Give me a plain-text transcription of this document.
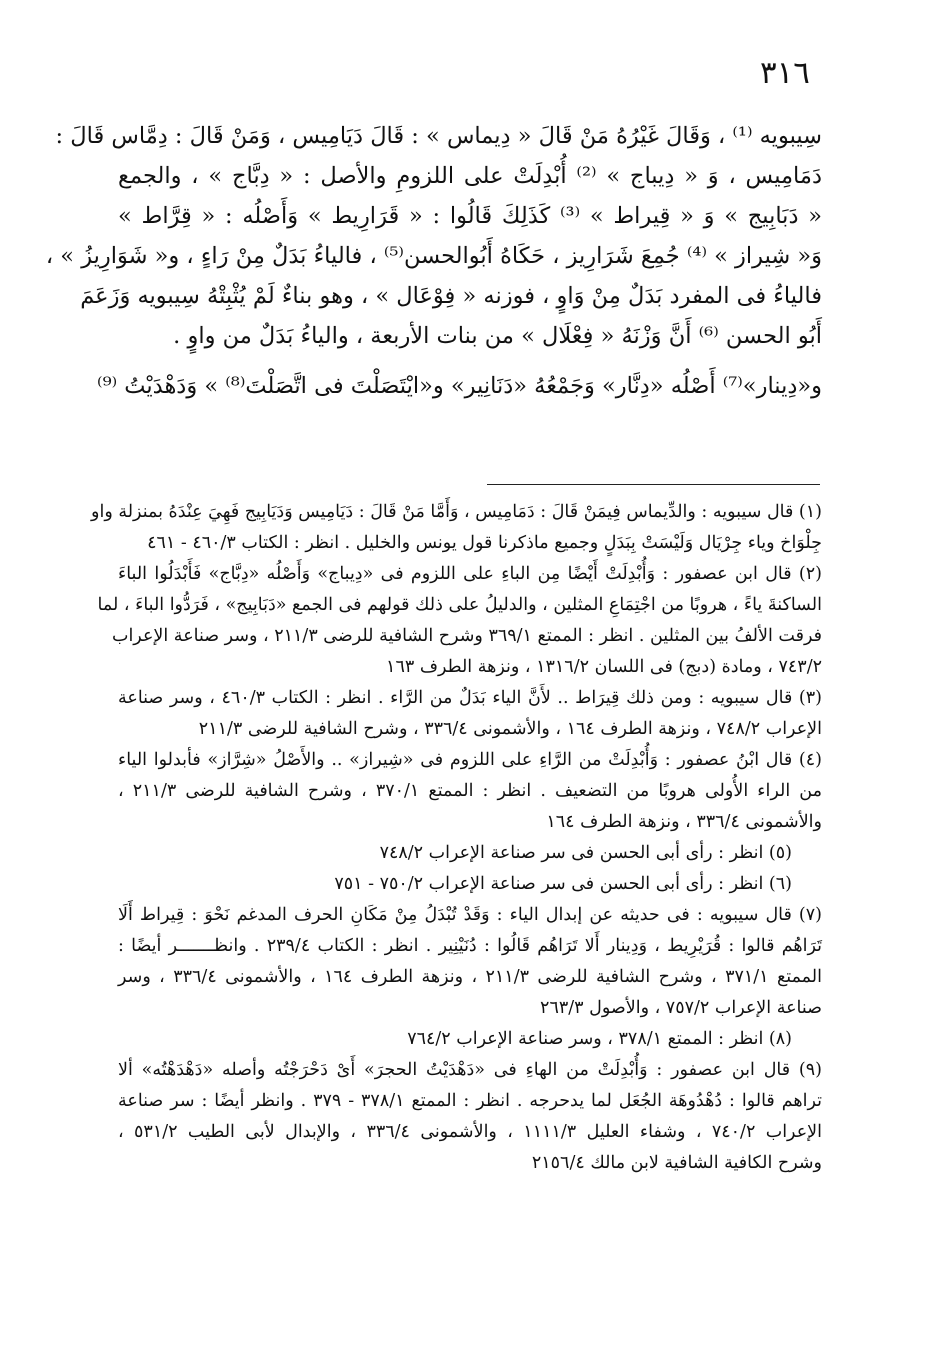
٣١٦
سِيبويه ⁽¹⁾ ، وَقَالَ غَيْرُهُ مَنْ قَالَ « دِيماس » : قَالَ دَيَامِيس ، وَمَنْ قَالَ : دِمَّاس قَالَ :
دَمَامِيس ، وَ « دِيباج » ⁽²⁾ أُبْدِلَتْ على اللزومِ والأصل : « دِبَّاج » ، والجمع
« دَبَابِيج » وَ « قِيراط » ⁽³⁾ كَذَلِكَ قَالُوا : « قَرَارِيط » وَأَصْلُه : « قِرَّاط »
وَ« شِيراز » ⁽⁴⁾ جُمِعَ شَرَارِيز ، حَكَاهُ أَبُوالحسن⁽⁵⁾ ، فالياءُ بَدَلٌ مِنْ رَاءٍ ، و« شَوَارِيزُ » ،
فالياءُ فى المفرد بَدَلٌ مِنْ وَاوٍ ، فوزنه « فِوْعَال » ، وهو بناءٌ لَمْ يُثْبِتْهُ سِيبويه وَزَعَمَ
أَبُو الحسن ⁽⁶⁾ أَنَّ وَزْنَهُ « فِعْلَال » من بنات الأربعة ، والياءُ بَدَلٌ من واوٍ .
و«دِينار»⁽⁷⁾ أَصْلُه «دِنَّار» وَجَمْعُهُ «دَنَانِير» و«ايْتَصَلْتَ فى اتَّصَلْتَ⁽⁸⁾ » وَدَهْدَيْتُ ⁽⁹⁾
(١) قال سيبويه : والدِّيماس فِيمَنْ قَالَ : دَمَامِيس ، وَأَمَّا مَنْ قَالَ : دَيَامِيس وَدَيَابِيج فَهِيَ عِنْدَهُ بمنزلة واو
جِلْوَاخ وياء جِرْيَال وَلَيْسَتْ بِبَدَلٍ وجميع ماذكرنا قول يونس والخليل . انظر : الكتاب ٤٦٠/٣ - ٤٦١
(٢) قال ابن عصفور : وَأُبْدِلَتْ أَيْضًا مِن الباءِ على اللزوم فى «دِيباج» وَأَصْلُه «دِبَّاج» فَأَبْدَلُوا الباءَ
الساكنةَ ياءً ، هروبًا من اجْتِمَاعِ المثلين ، والدليلُ على ذلك قولهم فى الجمع «دَبَابِيج» ، فَرَدُّوا الباءَ ، لما
فرقت الألفُ بين المثلين . انظر : الممتع ٣٦٩/١ وشرح الشافية للرضى ٢١١/٣ ، وسر صناعة الإعراب
٧٤٣/٢ ، ومادة (دبج) فى اللسان ١٣١٦/٢ ، ونزهة الطرف ١٦٣
(٣) قال سيبويه : ومن ذلك قِيرَاط .. لأَنَّ الياء بَدَلٌ من الرَّاء . انظر : الكتاب ٤٦٠/٣ ، وسر صناعة
الإعراب ٧٤٨/٢ ، ونزهة الطرف ١٦٤ ، والأشمونى ٣٣٦/٤ ، وشرح الشافية للرضى ٢١١/٣
(٤) قال ابْنُ عصفور : وَأُبْدِلَتْ من الرَّاءِ على اللزوم فى «شِيراز» .. والأَصْلُ «شِرَّاز» فأبدلوا الياء
من الراء الأُولى هروبًا من التضعيف . انظر : الممتع ٣٧٠/١ ، وشرح الشافية للرضى ٢١١/٣ ،
والأشمونى ٣٣٦/٤ ، ونزهة الطرف ١٦٤
(٥) انظر : رأى أبى الحسن فى سر صناعة الإعراب ٧٤٨/٢
(٦) انظر : رأى أبى الحسن فى سر صناعة الإعراب ٧٥٠/٢ - ٧٥١
(٧) قال سيبويه : فى حديثه عن إبدال الياء : وَقَدْ تُبْدَلُ مِنْ مَكَانِ الحرف المدغم نَحْوَ : قِيراط أَلَا
تَرَاهُم قالوا : قُرَيْرِيط ، وَدِينار أَلا تَرَاهُم قَالُوا : دُنَيْنِير . انظر : الكتاب ٢٣٩/٤ . وانظـــــــر أيضًا :
الممتع ٣٧١/١ ، وشرح الشافية للرضى ٢١١/٣ ، ونزهة الطرف ١٦٤ ، والأشمونى ٣٣٦/٤ ، وسر
صناعة الإعراب ٧٥٧/٢ ، والأصول ٢٦٣/٣
(٨) انظر : الممتع ٣٧٨/١ ، وسر صناعة الإعراب ٧٦٤/٢
(٩) قال ابن عصفور : وَأُبْدِلَتْ من الهاءِ فى «دَهْدَيْتُ الحجرَ» أَىْ دَحْرَجْتُه وأصله «دَهْدَهْتُه» ألا
تراهم قالوا : دُهْدُوهَة الجُعَل لما يدحرجه . انظر : الممتع ٣٧٨/١ - ٣٧٩ . وانظر أيضًا : سر صناعة
الإعراب ٧٤٠/٢ ، وشفاء العليل ١١١١/٣ ، والأشمونى ٣٣٦/٤ ، والإبدال لأبى الطيب ٥٣١/٢ ،
وشرح الكافية الشافية لابن مالك ٢١٥٦/٤
